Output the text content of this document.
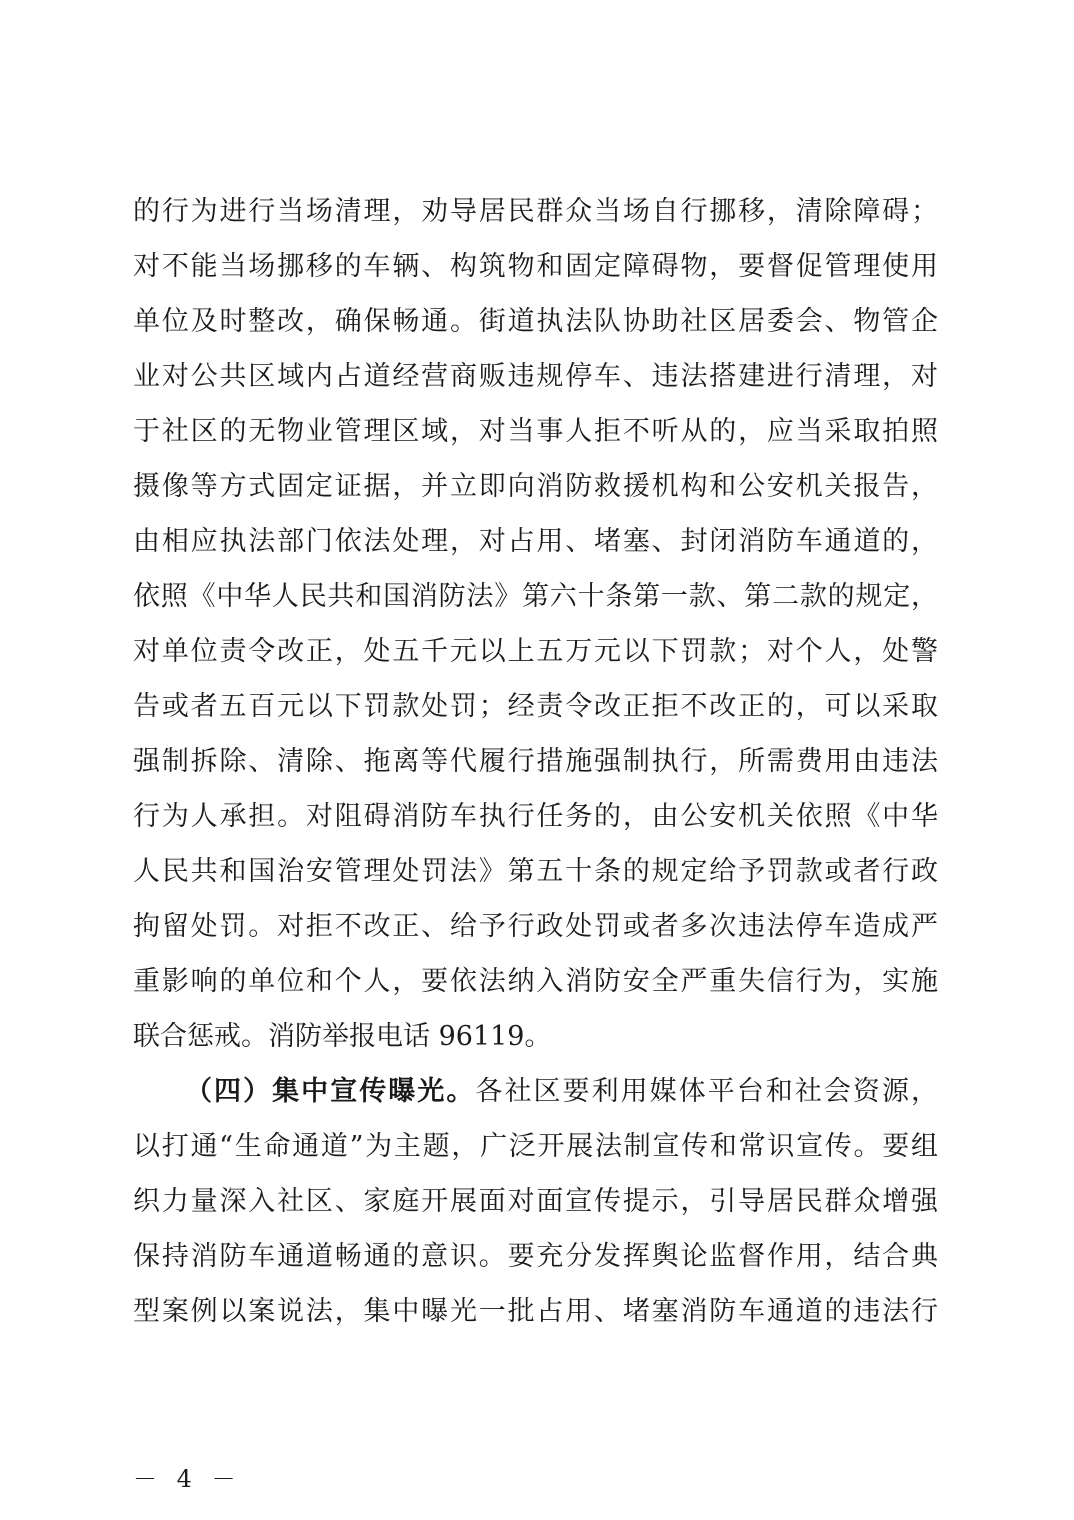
的行为进行当场清理，劝导居民群众当场自行挪移，清除障碍；
对不能当场挪移的车辆、构筑物和固定障碍物，要督促管理使用
单位及时整改，确保畅通。街道执法队协助社区居委会、物管企
业对公共区域内占道经营商贩违规停车、违法搭建进行清理，对
于社区的无物业管理区域，对当事人拒不听从的，应当采取拍照
摄像等方式固定证据，并立即向消防救援机构和公安机关报告，
由相应执法部门依法处理，对占用、堵塞、封闭消防车通道的，
依照《中华人民共和国消防法》第六十条第一款、第二款的规定，
对单位责令改正，处五千元以上五万元以下罚款；对个人，处警
告或者五百元以下罚款处罚；经责令改正拒不改正的，可以采取
强制拆除、清除、拖离等代履行措施强制执行，所需费用由违法
行为人承担。对阻碍消防车执行任务的，由公安机关依照《中华
人民共和国治安管理处罚法》第五十条的规定给予罚款或者行政
拘留处罚。对拒不改正、给予行政处罚或者多次违法停车造成严
重影响的单位和个人，要依法纳入消防安全严重失信行为，实施
联合惩戒。消防举报电话 96119。
（四）集中宣传曝光。各社区要利用媒体平台和社会资源，
以打通“生命通道”为主题，广泛开展法制宣传和常识宣传。要组
织力量深入社区、家庭开展面对面宣传提示，引导居民群众增强
保持消防车通道畅通的意识。要充分发挥舆论监督作用，结合典
型案例以案说法，集中曝光一批占用、堵塞消防车通道的违法行
－ 4 －
